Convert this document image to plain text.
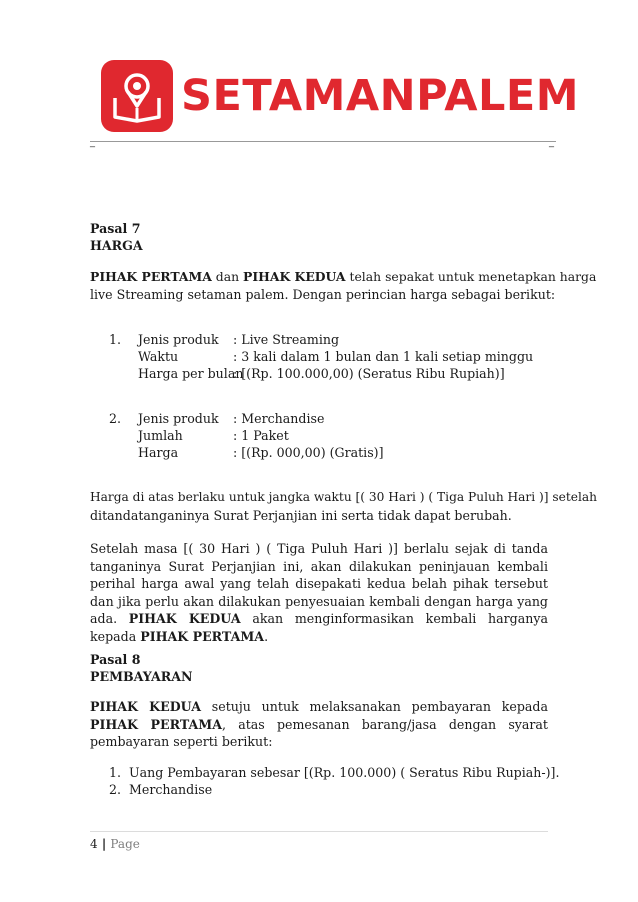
SETAMANPALEM
_	_
Pasal 7
HARGA
PIHAK PERTAMA dan PIHAK KEDUA telah sepakat untuk menetapkan harga
live Streaming setaman palem. Dengan perincian harga sebagai berikut:
1. Jenis produk : Live Streaming
Waktu	: 3 kali dalam 1 bulan dan 1 kali setiap minggu
Harga per bulan
: [(Rp. 100.000,00) (Seratus Ribu Rupiah)]
2. Jenis produk : Merchandise
Jumlah	: 1 Paket
Harga	: [(Rp. 000,00) (Gratis)]
Harga di atas berlaku untuk jangka waktu [( 30 Hari ) ( Tiga Puluh Hari )] setelah
ditandatanganinya Surat Perjanjian ini serta tidak dapat berubah.
Setelah masa [( 30 Hari ) ( Tiga Puluh Hari )] berlalu sejak di tanda tanganinya Surat Perjanjian ini, akan dilakukan peninjauan kembali perihal harga awal yang telah disepakati kedua belah pihak tersebut dan jika perlu akan dilakukan penyesuaian kembali dengan harga yang ada. PIHAK KEDUA akan menginformasikan kembali harganya kepada PIHAK PERTAMA.
Pasal 8
PEMBAYARAN
PIHAK KEDUA setuju untuk melaksanakan pembayaran kepada PIHAK PERTAMA, atas pemesanan barang/jasa dengan syarat pembayaran seperti berikut:
1. Uang Pembayaran sebesar [(Rp. 100.000) ( Seratus Ribu Rupiah-)].
2. Merchandise
4 | Page
